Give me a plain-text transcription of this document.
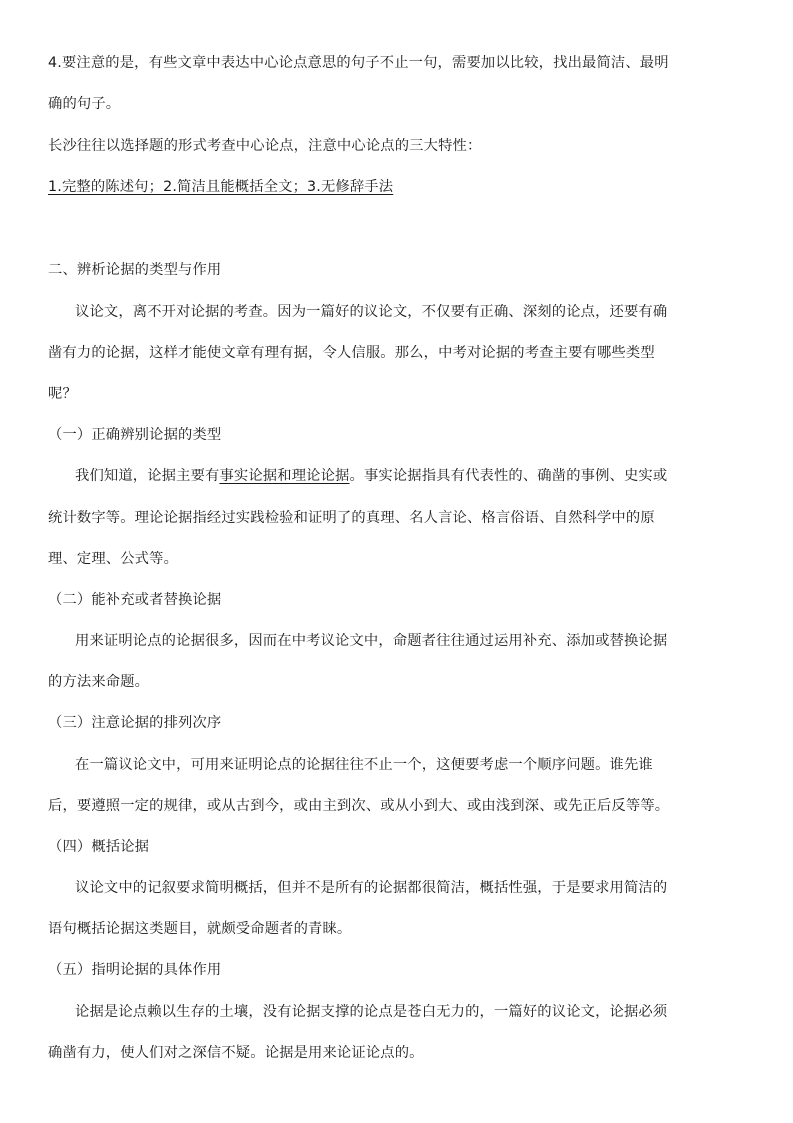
4.要注意的是，有些文章中表达中心论点意思的句子不止一句，需要加以比较，找出最简洁、最明
确的句子。
长沙往往以选择题的形式考查中心论点，注意中心论点的三大特性：
1.完整的陈述句；2.简洁且能概括全文；3.无修辞手法
二、辨析论据的类型与作用
议论文，离不开对论据的考查。因为一篇好的议论文，不仅要有正确、深刻的论点，还要有确
凿有力的论据，这样才能使文章有理有据，令人信服。那么，中考对论据的考查主要有哪些类型
呢？
（一）正确辨别论据的类型
我们知道，论据主要有事实论据和理论论据。事实论据指具有代表性的、确凿的事例、史实或
统计数字等。理论论据指经过实践检验和证明了的真理、名人言论、格言俗语、自然科学中的原
理、定理、公式等。
（二）能补充或者替换论据
用来证明论点的论据很多，因而在中考议论文中，命题者往往通过运用补充、添加或替换论据
的方法来命题。
（三）注意论据的排列次序
在一篇议论文中，可用来证明论点的论据往往不止一个，这便要考虑一个顺序问题。谁先谁
后，要遵照一定的规律，或从古到今，或由主到次、或从小到大、或由浅到深、或先正后反等等。
（四）概括论据
议论文中的记叙要求简明概括，但并不是所有的论据都很简洁，概括性强，于是要求用简洁的
语句概括论据这类题目，就颇受命题者的青睐。
（五）指明论据的具体作用
论据是论点赖以生存的土壤，没有论据支撑的论点是苍白无力的，一篇好的议论文，论据必须
确凿有力，使人们对之深信不疑。论据是用来论证论点的。
